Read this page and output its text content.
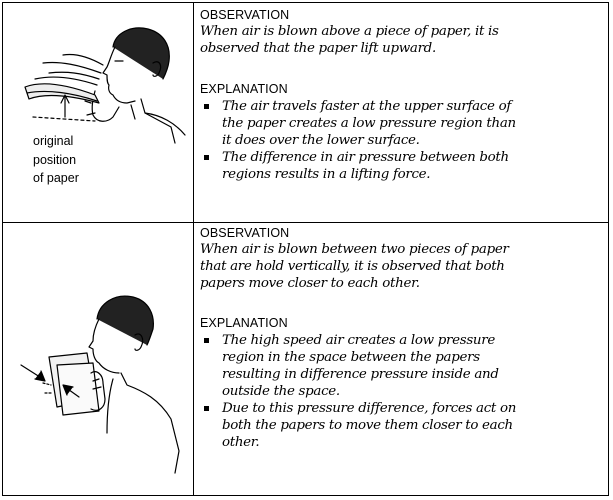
original
position
of paper
OBSERVATION
When air is blown above a piece of paper, it is
observed that the paper lift upward.
EXPLANATION
The air travels faster at the upper surface of
the paper creates a low pressure region than
it does over the lower surface.
The difference in air pressure between both
regions results in a lifting force.
OBSERVATION
When air is blown between two pieces of paper
that are hold vertically, it is observed that both
papers move closer to each other.
EXPLANATION
The high speed air creates a low pressure
region in the space between the papers
resulting in difference pressure inside and
outside the space.
Due to this pressure difference, forces act on
both the papers to move them closer to each
other.
